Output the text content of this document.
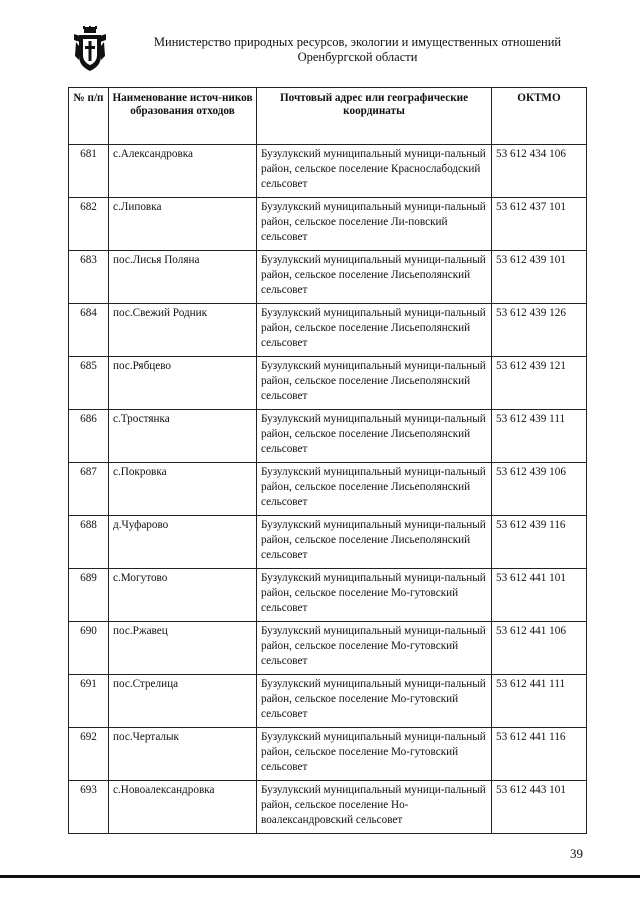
Министерство природных ресурсов, экологии и имущественных отношений
Оренбургской области
№ п/п	Наименование источ-ников образования отходов	Почтовый адрес или географические координаты	ОКТМО
681	с.Александровка	Бузулукский муниципальный муници-пальный район, сельское поселение Краснослабодский сельсовет	53 612 434 106
682	с.Липовка	Бузулукский муниципальный муници-пальный район, сельское поселение Ли-повский сельсовет	53 612 437 101
683	пос.Лисья Поляна	Бузулукский муниципальный муници-пальный район, сельское поселение Лисьеполянский сельсовет	53 612 439 101
684	пос.Свежий Родник	Бузулукский муниципальный муници-пальный район, сельское поселение Лисьеполянский сельсовет	53 612 439 126
685	пос.Рябцево	Бузулукский муниципальный муници-пальный район, сельское поселение Лисьеполянский сельсовет	53 612 439 121
686	с.Тростянка	Бузулукский муниципальный муници-пальный район, сельское поселение Лисьеполянский сельсовет	53 612 439 111
687	с.Покровка	Бузулукский муниципальный муници-пальный район, сельское поселение Лисьеполянский сельсовет	53 612 439 106
688	д.Чуфарово	Бузулукский муниципальный муници-пальный район, сельское поселение Лисьеполянский сельсовет	53 612 439 116
689	с.Могутово	Бузулукский муниципальный муници-пальный район, сельское поселение Мо-гутовский сельсовет	53 612 441 101
690	пос.Ржавец	Бузулукский муниципальный муници-пальный район, сельское поселение Мо-гутовский сельсовет	53 612 441 106
691	пос.Стрелица	Бузулукский муниципальный муници-пальный район, сельское поселение Мо-гутовский сельсовет	53 612 441 111
692	пос.Черталык	Бузулукский муниципальный муници-пальный район, сельское поселение Мо-гутовский сельсовет	53 612 441 116
693	с.Новоалександровка	Бузулукский муниципальный муници-пальный район, сельское поселение Но-воалександровский сельсовет	53 612 443 101
39
